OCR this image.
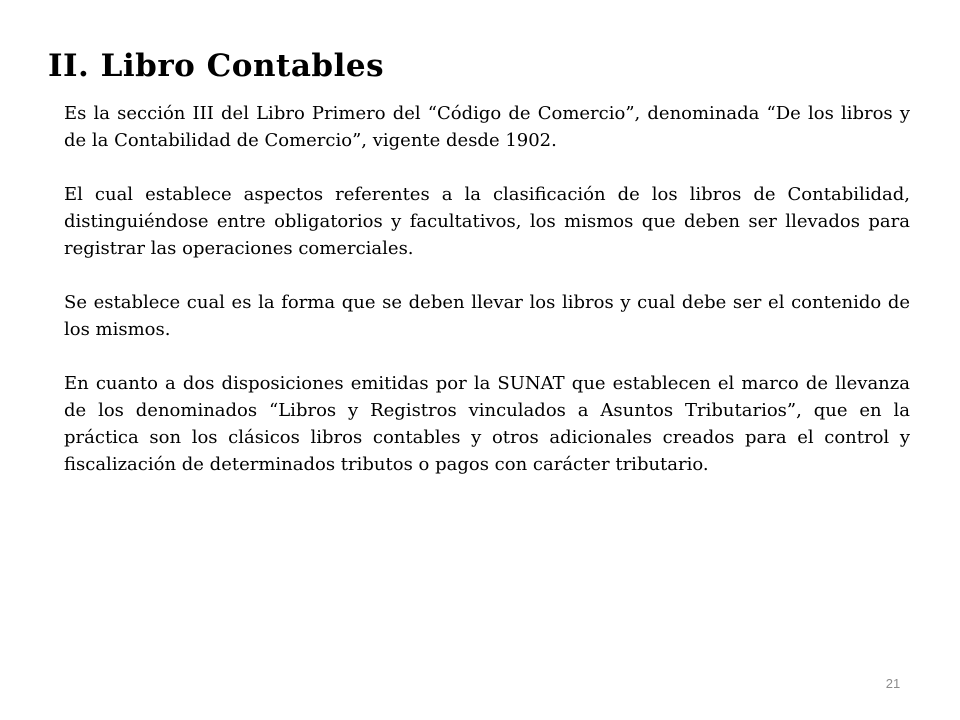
II. Libro Contables

Es la sección III del Libro Primero del “Código de Comercio”, denominada “De los libros y de la Contabilidad de Comercio”, vigente desde 1902.

El cual establece aspectos referentes a la clasificación de los libros de Contabilidad, distinguiéndose entre obligatorios y facultativos, los mismos que deben ser llevados para registrar las operaciones comerciales.

Se establece cual es la forma que se deben llevar los libros y cual debe ser el contenido de los mismos.

En cuanto a dos disposiciones emitidas por la SUNAT que establecen el marco de llevanza de los denominados “Libros y Registros vinculados a Asuntos Tributarios”, que en la práctica son los clásicos libros contables y otros adicionales creados para el control y fiscalización de determinados tributos o pagos con carácter tributario.

21
